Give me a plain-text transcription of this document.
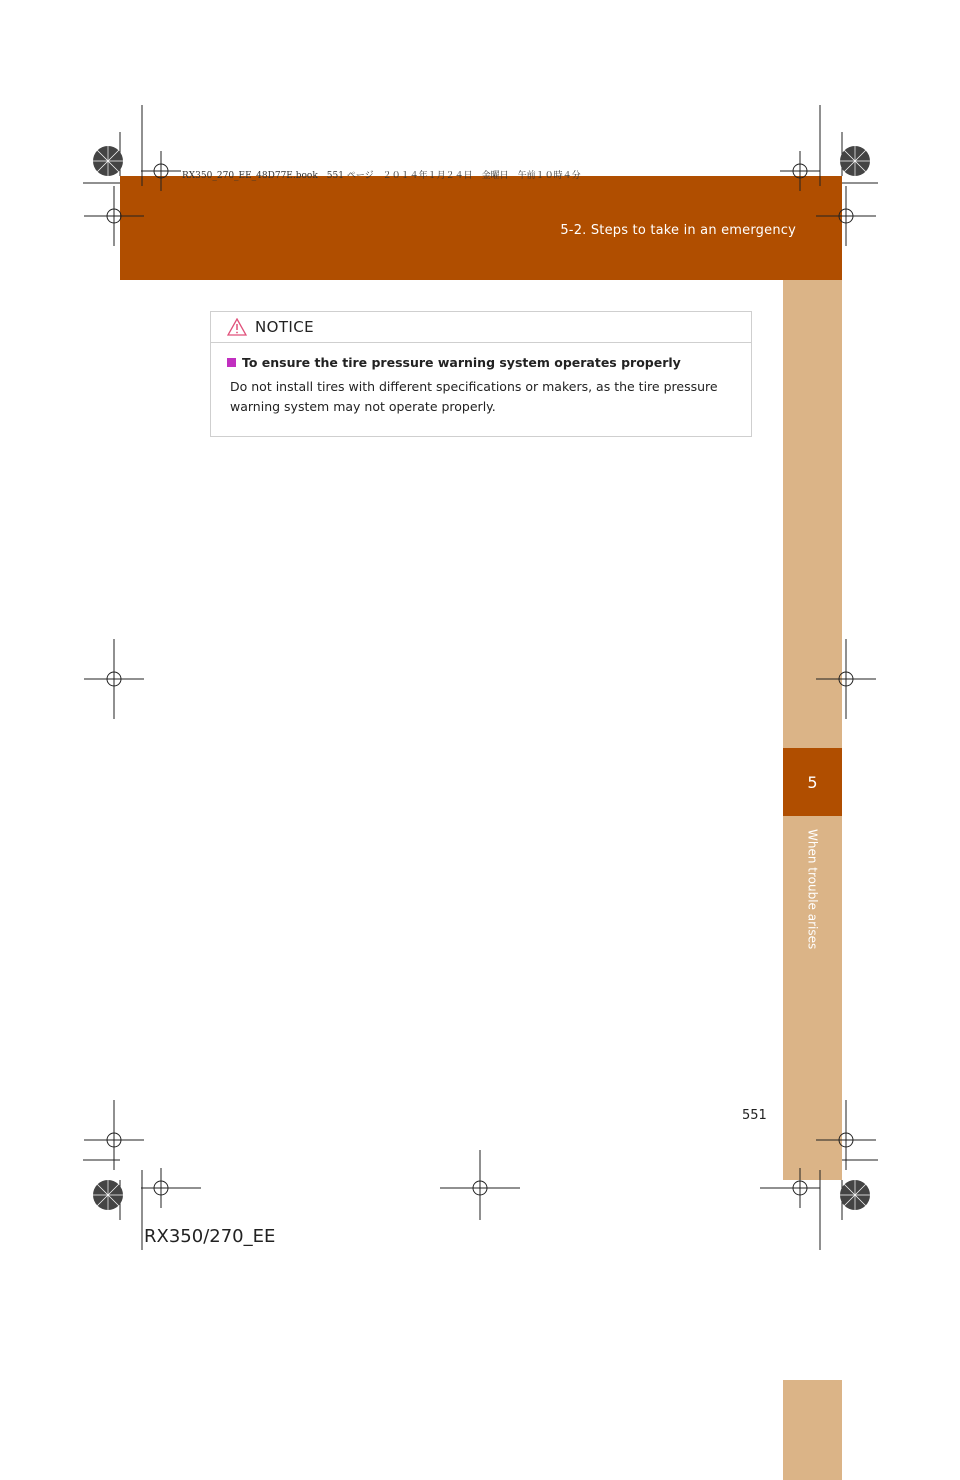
5-2. Steps to take in an emergency
RX350_270_EE_48D77E.book　551 ページ　２０１４年１月２４日　金曜日　午前１０時４分
5
When trouble arises
NOTICE
To ensure the tire pressure warning system operates properly
Do not install tires with different specifications or makers, as the tire pressure warning system may not operate properly.
551
RX350/270_EE
